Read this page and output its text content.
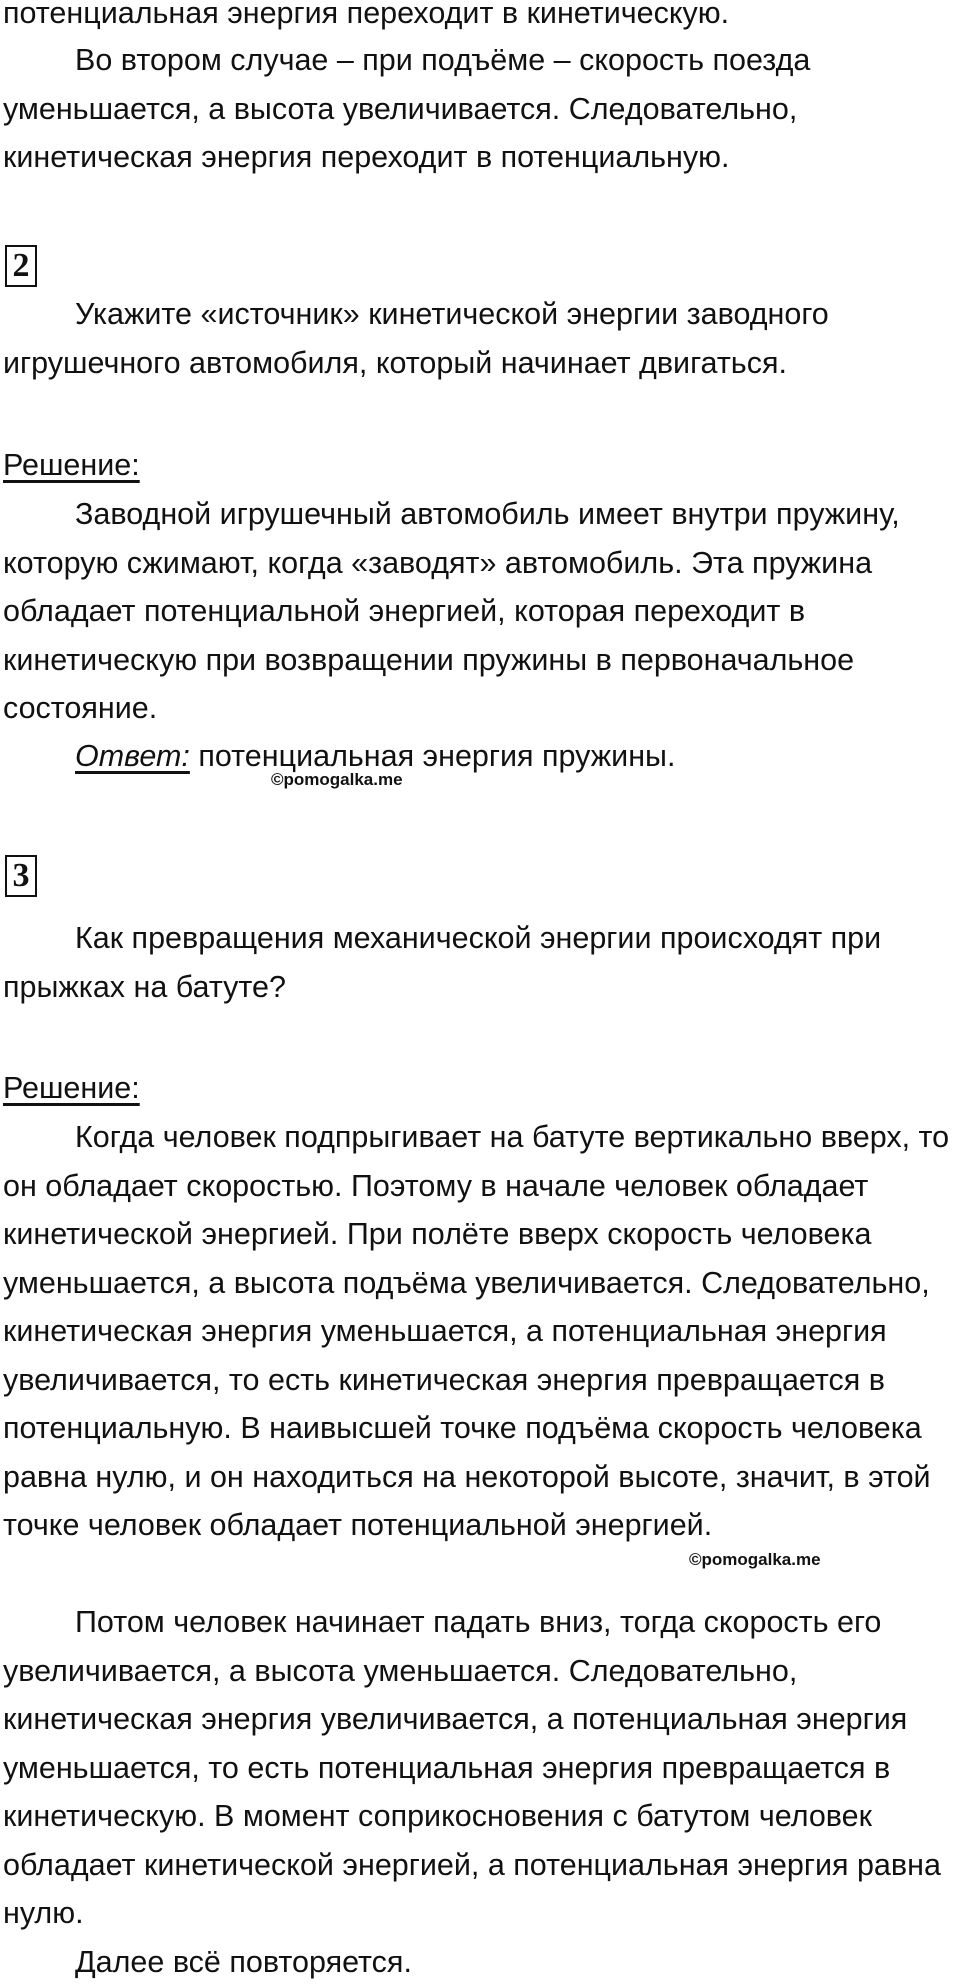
потенциальная энергия переходит в кинетическую.

Во втором случае – при подъёме – скорость поезда уменьшается, а высота увеличивается. Следовательно, кинетическая энергия переходит в потенциальную.

2

Укажите «источник» кинетической энергии заводного игрушечного автомобиля, который начинает двигаться.

Решение:

Заводной игрушечный автомобиль имеет внутри пружину, которую сжимают, когда «заводят» автомобиль. Эта пружина обладает потенциальной энергией, которая переходит в кинетическую при возвращении пружины в первоначальное состояние.

Ответ: потенциальная энергия пружины.

©pomogalka.me
3

Как превращения механической энергии происходят при прыжках на батуте?

Решение:

Когда человек подпрыгивает на батуте вертикально вверх, то он обладает скоростью. Поэтому в начале человек обладает кинетической энергией. При полёте вверх скорость человека уменьшается, а высота подъёма увеличивается. Следовательно, кинетическая энергия уменьшается, а потенциальная энергия увеличивается, то есть кинетическая энергия превращается в потенциальную. В наивысшей точке подъёма скорость человека равна нулю, и он находиться на некоторой высоте, значит, в этой точке человек обладает потенциальной энергией.

©pomogalka.me

Потом человек начинает падать вниз, тогда скорость его увеличивается, а высота уменьшается. Следовательно, кинетическая энергия увеличивается, а потенциальная энергия уменьшается, то есть потенциальная энергия превращается в кинетическую. В момент соприкосновения с батутом человек обладает кинетической энергией, а потенциальная энергия равна нулю.

Далее всё повторяется.
